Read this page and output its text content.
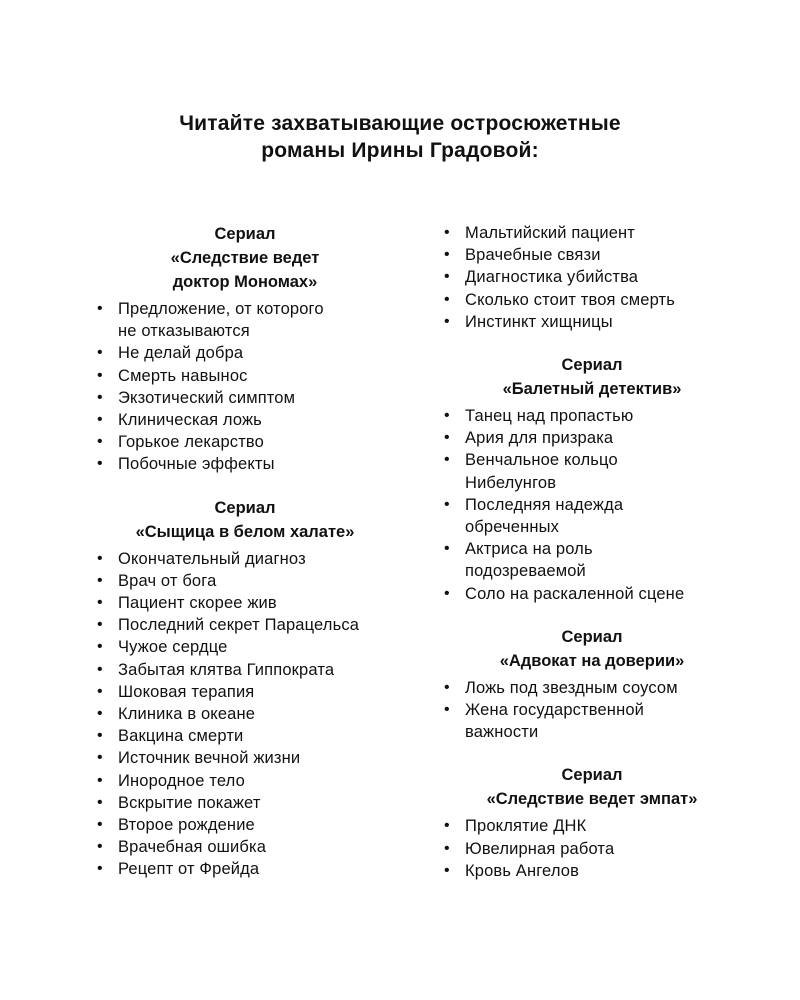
Читайте захватывающие остросюжетные
романы Ирины Градовой:
Сериал
«Следствие ведет
доктор Мономах»
• Предложение, от которого
не отказываются
• Не делай добра
• Смерть навынос
• Экзотический симптом
• Клиническая ложь
• Горькое лекарство
• Побочные эффекты
Сериал
«Сыщица в белом халате»
• Окончательный диагноз
• Врач от бога
• Пациент скорее жив
• Последний секрет Парацельса
• Чужое сердце
• Забытая клятва Гиппократа
• Шоковая терапия
• Клиника в океане
• Вакцина смерти
• Источник вечной жизни
• Инородное тело
• Вскрытие покажет
• Второе рождение
• Врачебная ошибка
• Рецепт от Фрейда
• Мальтийский пациент
• Врачебные связи
• Диагностика убийства
• Сколько стоит твоя смерть
• Инстинкт хищницы
Сериал
«Балетный детектив»
• Танец над пропастью
• Ария для призрака
• Венчальное кольцо
Нибелунгов
• Последняя надежда
обреченных
• Актриса на роль
подозреваемой
• Соло на раскаленной сцене
Сериал
«Адвокат на доверии»
• Ложь под звездным соусом
• Жена государственной
важности
Сериал
«Следствие ведет эмпат»
• Проклятие ДНК
• Ювелирная работа
• Кровь Ангелов
